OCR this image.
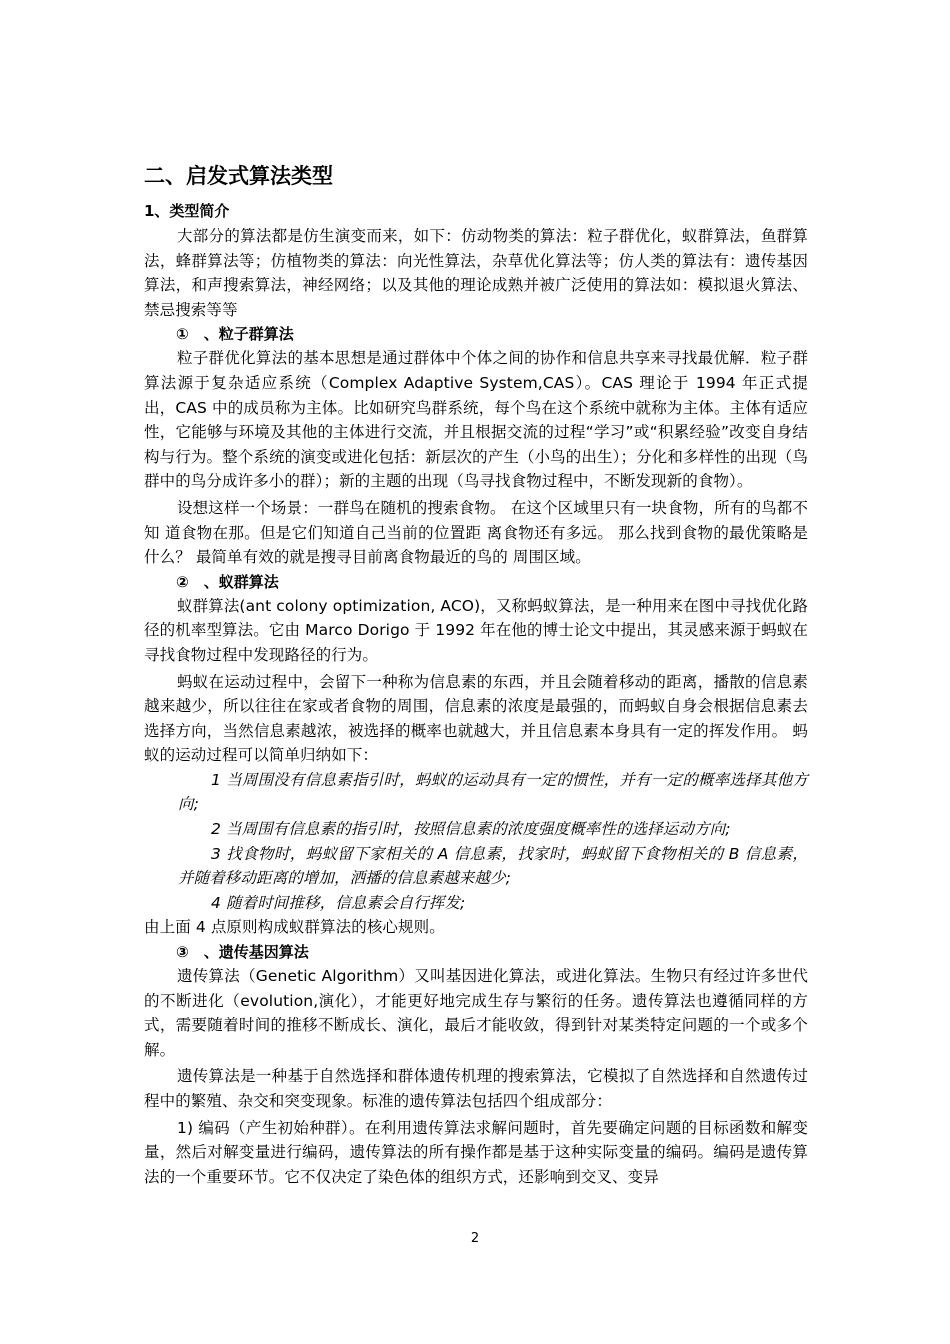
二、启发式算法类型
1、类型简介
大部分的算法都是仿生演变而来，如下：仿动物类的算法：粒子群优化，蚁群算法，鱼群算法，蜂群算法等；仿植物类的算法：向光性算法，杂草优化算法等；仿人类的算法有：遗传基因算法，和声搜索算法，神经网络；以及其他的理论成熟并被广泛使用的算法如：模拟退火算法、禁忌搜索等等
①　、粒子群算法
粒子群优化算法的基本思想是通过群体中个体之间的协作和信息共享来寻找最优解．粒子群算法源于复杂适应系统（Complex Adaptive System,CAS）。CAS 理论于 1994 年正式提出，CAS 中的成员称为主体。比如研究鸟群系统，每个鸟在这个系统中就称为主体。主体有适应性，它能够与环境及其他的主体进行交流，并且根据交流的过程“学习”或“积累经验”改变自身结构与行为。整个系统的演变或进化包括：新层次的产生（小鸟的出生）；分化和多样性的出现（鸟群中的鸟分成许多小的群）；新的主题的出现（鸟寻找食物过程中，不断发现新的食物）。
设想这样一个场景：一群鸟在随机的搜索食物。 在这个区域里只有一块食物，所有的鸟都不知 道食物在那。但是它们知道自己当前的位置距 离食物还有多远。 那么找到食物的最优策略是什么？ 最简单有效的就是搜寻目前离食物最近的鸟的 周围区域。
②　、蚁群算法
蚁群算法(ant colony optimization, ACO)，又称蚂蚁算法，是一种用来在图中寻找优化路径的机率型算法。它由 Marco Dorigo 于 1992 年在他的博士论文中提出，其灵感来源于蚂蚁在寻找食物过程中发现路径的行为。
蚂蚁在运动过程中，会留下一种称为信息素的东西，并且会随着移动的距离，播散的信息素越来越少，所以往往在家或者食物的周围，信息素的浓度是最强的，而蚂蚁自身会根据信息素去选择方向，当然信息素越浓，被选择的概率也就越大，并且信息素本身具有一定的挥发作用。 蚂蚁的运动过程可以简单归纳如下：
1 当周围没有信息素指引时，蚂蚁的运动具有一定的惯性，并有一定的概率选择其他方向;
2 当周围有信息素的指引时，按照信息素的浓度强度概率性的选择运动方向;
3 找食物时，蚂蚁留下家相关的 A 信息素，找家时，蚂蚁留下食物相关的 B 信息素，并随着移动距离的增加，洒播的信息素越来越少;
4 随着时间推移，信息素会自行挥发;
由上面 4 点原则构成蚁群算法的核心规则。
③　、遗传基因算法
遗传算法（Genetic Algorithm）又叫基因进化算法，或进化算法。生物只有经过许多世代的不断进化（evolution,演化），才能更好地完成生存与繁衍的任务。遗传算法也遵循同样的方式，需要随着时间的推移不断成长、演化，最后才能收敛，得到针对某类特定问题的一个或多个解。
遗传算法是一种基于自然选择和群体遗传机理的搜索算法，它模拟了自然选择和自然遗传过程中的繁殖、杂交和突变现象。标准的遗传算法包括四个组成部分：
1) 编码（产生初始种群）。在利用遗传算法求解问题时，首先要确定问题的目标函数和解变量，然后对解变量进行编码，遗传算法的所有操作都是基于这种实际变量的编码。编码是遗传算法的一个重要环节。它不仅决定了染色体的组织方式，还影响到交叉、变异
2
